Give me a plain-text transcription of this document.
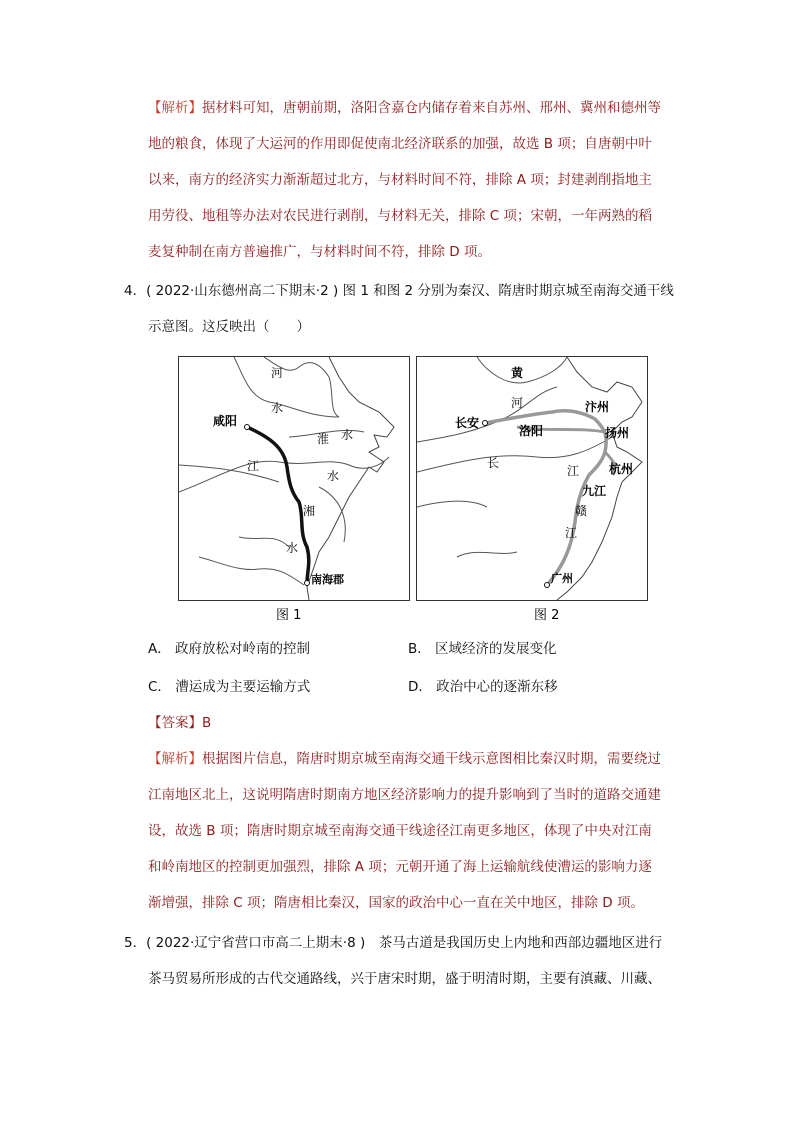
【解析】据材料可知，唐朝前期，洛阳含嘉仓内储存着来自苏州、邢州、冀州和德州等
地的粮食，体现了大运河的作用即促使南北经济联系的加强，故选 B 项；自唐朝中叶
以来，南方的经济实力渐渐超过北方，与材料时间不符，排除 A 项；封建剥削指地主
用劳役、地租等办法对农民进行剥削，与材料无关，排除 C 项；宋朝，一年两熟的稻
麦复种制在南方普遍推广，与材料时间不符，排除 D 项。
4．( 2022·山东德州高二下期末·2 ) 图 1 和图 2 分别为秦汉、隋唐时期京城至南海交通干线
示意图。这反映出（　　）
河
水
咸阳
淮 水
江
水
湘
水
南海郡
图 1
黄
河
长安
洛阳
汴州
扬州
长
江 杭州
九江
赣
江
广州
图 2
A． 政府放松对岭南的控制	B． 区域经济的发展变化
C． 漕运成为主要运输方式	D． 政治中心的逐渐东移
【答案】B
【解析】根据图片信息，隋唐时期京城至南海交通干线示意图相比秦汉时期，需要绕过
江南地区北上，这说明隋唐时期南方地区经济影响力的提升影响到了当时的道路交通建
设，故选 B 项；隋唐时期京城至南海交通干线途径江南更多地区，体现了中央对江南
和岭南地区的控制更加强烈，排除 A 项；元朝开通了海上运输航线使漕运的影响力逐
渐增强，排除 C 项；隋唐相比秦汉，国家的政治中心一直在关中地区，排除 D 项。
5．( 2022·辽宁省营口市高二上期末·8 )　茶马古道是我国历史上内地和西部边疆地区进行
茶马贸易所形成的古代交通路线，兴于唐宋时期，盛于明清时期，主要有滇藏、川藏、
